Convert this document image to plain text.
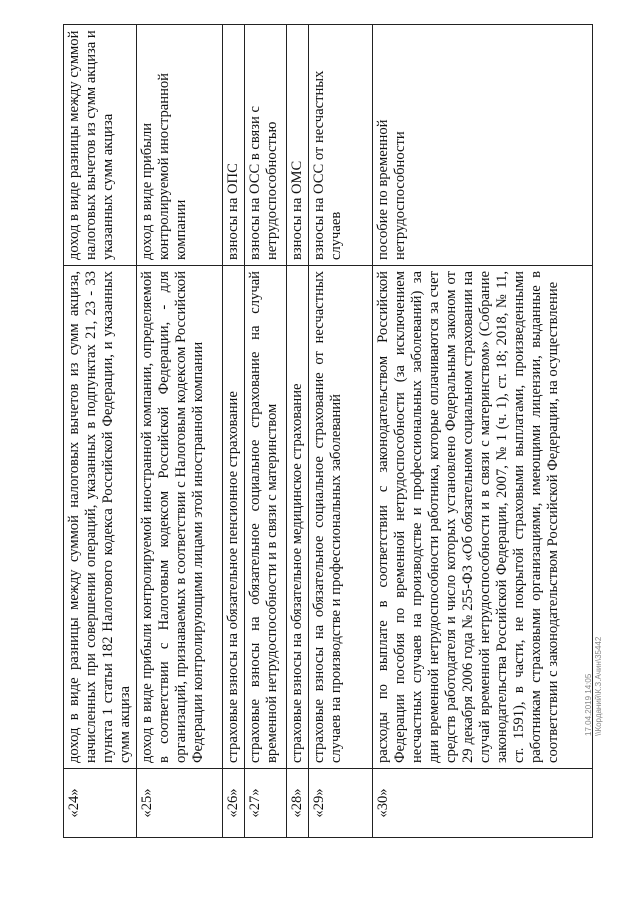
«24»	доход в виде разницы между суммой налоговых вычетов из сумм акциза, начисленных при совершении операций, указанных в подпунктах 21, 23 - 33 пункта 1 статьи 182 Налогового кодекса Российской Федерации, и указанных сумм акциза	доход в виде разницы между суммой налоговых вычетов из сумм акциза и указанных сумм акциза
«25»	доход в виде прибыли контролируемой иностранной компании, определяемой в соответствии с Налоговым кодексом Российской Федерации, - для организаций, признаваемых в соответствии с Налоговым кодексом Российской Федерации контролирующими лицами этой иностранной компании	доход в виде прибыли контролируемой иностранной компании
«26»	страховые взносы на обязательное пенсионное страхование	взносы на ОПС
«27»	страховые взносы на обязательное социальное страхование на случай временной нетрудоспособности и в связи с материнством	взносы на ОСС в связи с нетрудоспособностью
«28»	страховые взносы на обязательное медицинское страхование	взносы на ОМС
«29»	страховые взносы на обязательное социальное страхование от несчастных случаев на производстве и профессиональных заболеваний	взносы на ОСС от несчастных случаев
«30»	расходы по выплате в соответствии с законодательством Российской Федерации пособия по временной нетрудоспособности (за исключением несчастных случаев на производстве и профессиональных заболеваний) за дни временной нетрудоспособности работника, которые оплачиваются за счет средств работодателя и число которых установлено Федеральным законом от 29 декабря 2006 года № 255-ФЗ «Об обязательном социальном страховании на случай временной нетрудоспособности и в связи с материнством» (Собрание законодательства Российской Федерации, 2007, № 1 (ч. 1), ст. 18; 2018, № 11, ст. 1591), в части, не покрытой страховыми выплатами, произведенными работникам страховыми организациями, имеющими лицензии, выданные в соответствии с законодательством Российской Федерации, на осуществление	пособие по временной нетрудоспособности
17.04.2019 14:05 \\Корданий\К.З.Ачин\35442
